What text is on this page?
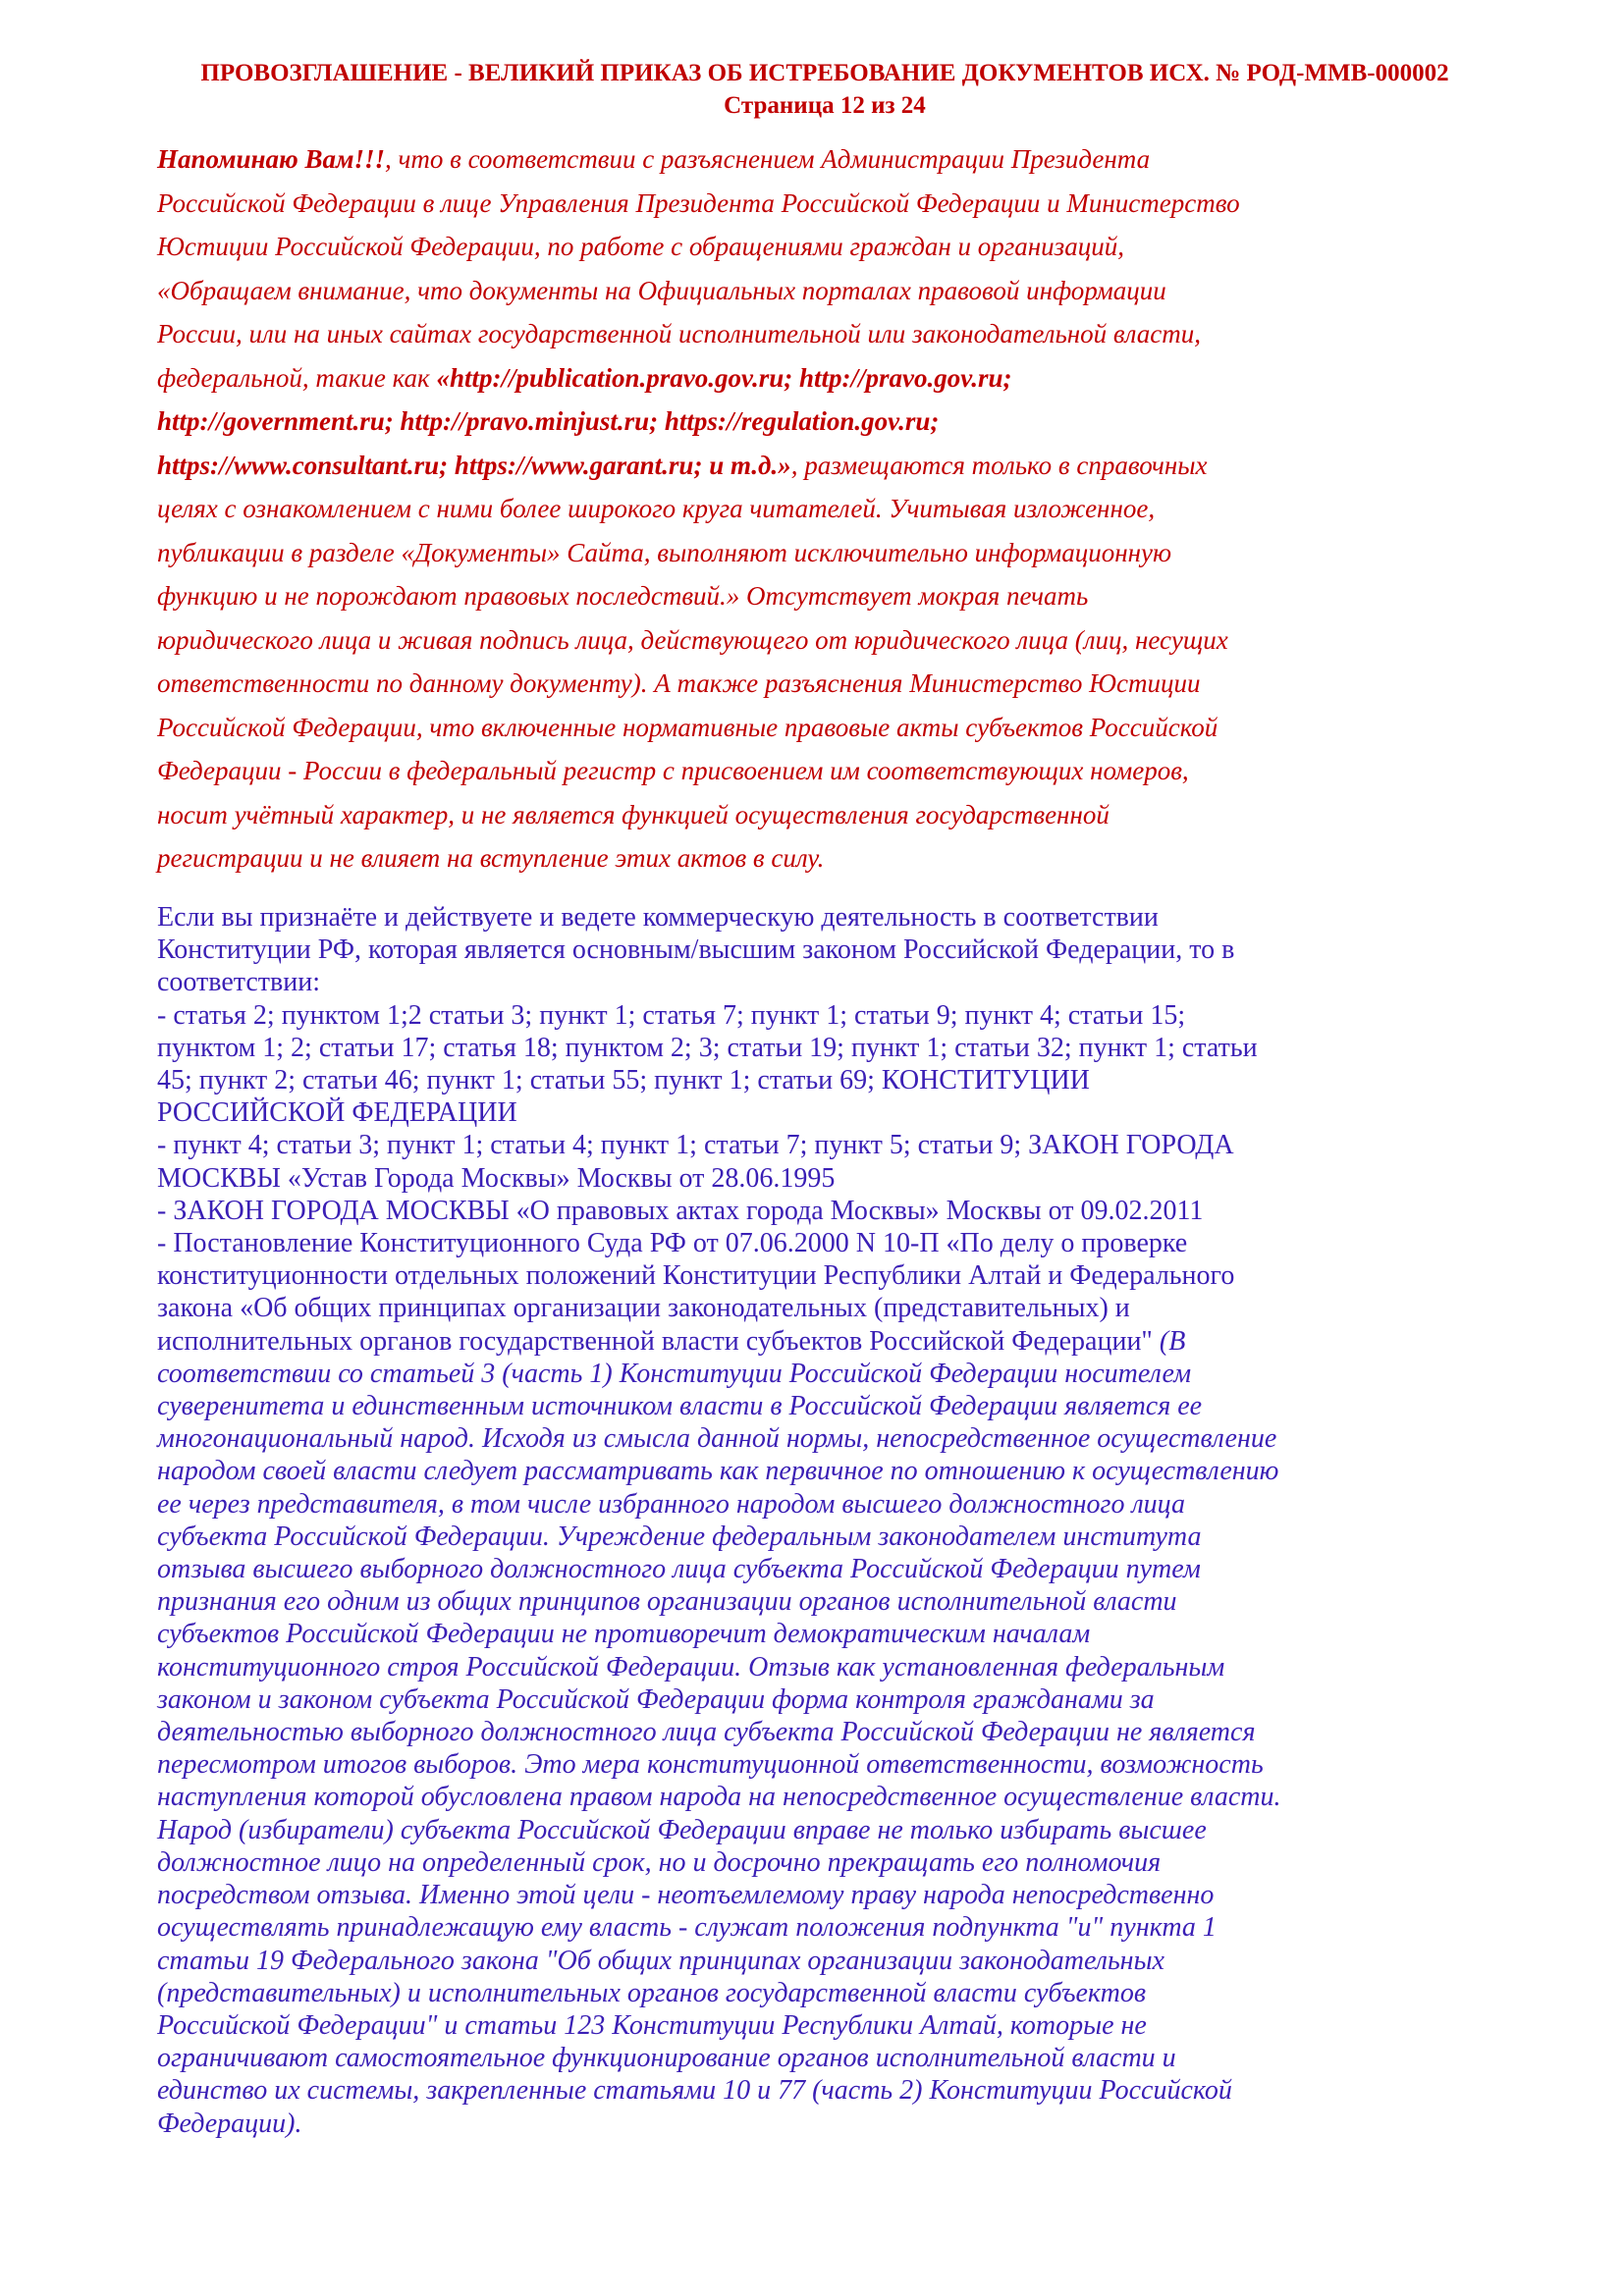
ПРОВОЗГЛАШЕНИЕ - ВЕЛИКИЙ ПРИКАЗ ОБ ИСТРЕБОВАНИЕ ДОКУМЕНТОВ ИСХ. № РОД-ММВ-000002
Страница 12 из 24
Напоминаю Вам!!!, что в соответствии с разъяснением Администрации Президента
Российской Федерации в лице Управления Президента Российской Федерации и Министерство
Юстиции Российской Федерации, по работе с обращениями граждан и организаций,
«Обращаем внимание, что документы на Официальных порталах правовой информации
России, или на иных сайтах государственной исполнительной или законодательной власти,
федеральной, такие как «http://publication.pravo.gov.ru; http://pravo.gov.ru;
http://government.ru; http://pravo.minjust.ru; https://regulation.gov.ru;
https://www.consultant.ru; https://www.garant.ru; и т.д.», размещаются только в справочных
целях с ознакомлением с ними более широкого круга читателей. Учитывая изложенное,
публикации в разделе «Документы» Сайта, выполняют исключительно информационную
функцию и не порождают правовых последствий.» Отсутствует мокрая печать
юридического лица и живая подпись лица, действующего от юридического лица (лиц, несущих
ответственности по данному документу). А также разъяснения Министерство Юстиции
Российской Федерации, что включенные нормативные правовые акты субъектов Российской
Федерации - России в федеральный регистр с присвоением им соответствующих номеров,
носит учётный характер, и не является функцией осуществления государственной
регистрации и не влияет на вступление этих актов в силу.
Если вы признаёте и действуете и ведете коммерческую деятельность в соответствии
Конституции РФ, которая является основным/высшим законом Российской Федерации, то в
соответствии:
- статья 2; пунктом 1;2 статьи 3; пункт 1; статья 7; пункт 1; статьи 9; пункт 4; статьи 15;
пунктом 1; 2; статьи 17; статья 18; пунктом 2; 3; статьи 19; пункт 1; статьи 32; пункт 1; статьи
45; пункт 2; статьи 46; пункт 1; статьи 55; пункт 1; статьи 69; КОНСТИТУЦИИ
РОССИЙСКОЙ ФЕДЕРАЦИИ
- пункт 4; статьи 3; пункт 1; статьи 4; пункт 1; статьи 7; пункт 5; статьи 9; ЗАКОН ГОРОДА
МОСКВЫ «Устав Города Москвы» Москвы от 28.06.1995
- ЗАКОН ГОРОДА МОСКВЫ «О правовых актах города Москвы» Москвы от 09.02.2011
- Постановление Конституционного Суда РФ от 07.06.2000 N 10-П «По делу о проверке
конституционности отдельных положений Конституции Республики Алтай и Федерального
закона «Об общих принципах организации законодательных (представительных) и
исполнительных органов государственной власти субъектов Российской Федерации" (В
соответствии со статьей 3 (часть 1) Конституции Российской Федерации носителем
суверенитета и единственным источником власти в Российской Федерации является ее
многонациональный народ. Исходя из смысла данной нормы, непосредственное осуществление
народом своей власти следует рассматривать как первичное по отношению к осуществлению
ее через представителя, в том числе избранного народом высшего должностного лица
субъекта Российской Федерации. Учреждение федеральным законодателем института
отзыва высшего выборного должностного лица субъекта Российской Федерации путем
признания его одним из общих принципов организации органов исполнительной власти
субъектов Российской Федерации не противоречит демократическим началам
конституционного строя Российской Федерации. Отзыв как установленная федеральным
законом и законом субъекта Российской Федерации форма контроля гражданами за
деятельностью выборного должностного лица субъекта Российской Федерации не является
пересмотром итогов выборов. Это мера конституционной ответственности, возможность
наступления которой обусловлена правом народа на непосредственное осуществление власти.
Народ (избиратели) субъекта Российской Федерации вправе не только избирать высшее
должностное лицо на определенный срок, но и досрочно прекращать его полномочия
посредством отзыва. Именно этой цели - неотъемлемому праву народа непосредственно
осуществлять принадлежащую ему власть - служат положения подпункта "и" пункта 1
статьи 19 Федерального закона "Об общих принципах организации законодательных
(представительных) и исполнительных органов государственной власти субъектов
Российской Федерации" и статьи 123 Конституции Республики Алтай, которые не
ограничивают самостоятельное функционирование органов исполнительной власти и
единство их системы, закрепленные статьями 10 и 77 (часть 2) Конституции Российской
Федерации).
